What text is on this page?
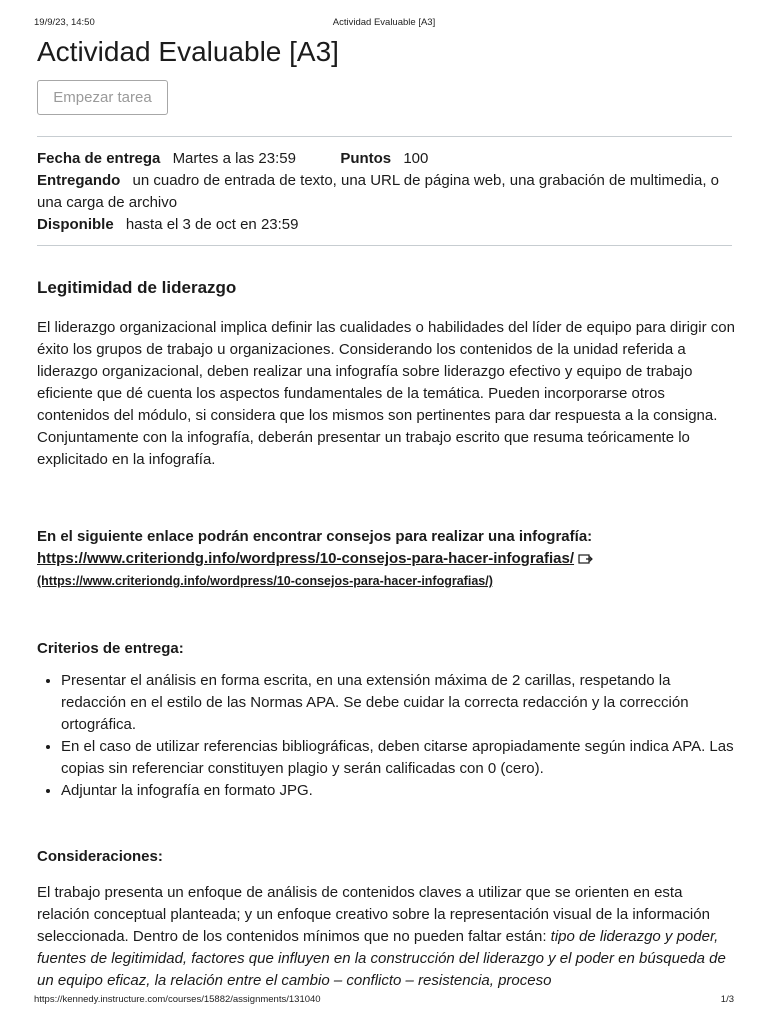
19/9/23, 14:50	Actividad Evaluable [A3]
Actividad Evaluable [A3]
Empezar tarea
Fecha de entrega Martes a las 23:59	Puntos 100
Entregando un cuadro de entrada de texto, una URL de página web, una grabación de multimedia, o una carga de archivo
Disponible hasta el 3 de oct en 23:59
Legitimidad de liderazgo

El liderazgo organizacional implica definir las cualidades o habilidades del líder de equipo para dirigir con éxito los grupos de trabajo u organizaciones. Considerando los contenidos de la unidad referida a liderazgo organizacional, deben realizar una infografía sobre liderazgo efectivo y equipo de trabajo eficiente que dé cuenta los aspectos fundamentales de la temática. Pueden incorporarse otros contenidos del módulo, si considera que los mismos son pertinentes para dar respuesta a la consigna. Conjuntamente con la infografía, deberán presentar un trabajo escrito que resuma teóricamente lo explicitado en la infografía.

En el siguiente enlace podrán encontrar consejos para realizar una infografía: https://www.criteriondg.info/wordpress/10-consejos-para-hacer-infografias/
(https://www.criteriondg.info/wordpress/10-consejos-para-hacer-infografias/)
Criterios de entrega:
• Presentar el análisis en forma escrita, en una extensión máxima de 2 carillas, respetando la redacción en el estilo de las Normas APA. Se debe cuidar la correcta redacción y la corrección ortográfica.
• En el caso de utilizar referencias bibliográficas, deben citarse apropiadamente según indica APA. Las copias sin referenciar constituyen plagio y serán calificadas con 0 (cero).
• Adjuntar la infografía en formato JPG.
Consideraciones:

El trabajo presenta un enfoque de análisis de contenidos claves a utilizar que se orienten en esta relación conceptual planteada; y un enfoque creativo sobre la representación visual de la información seleccionada. Dentro de los contenidos mínimos que no pueden faltar están: tipo de liderazgo y poder, fuentes de legitimidad, factores que influyen en la construcción del liderazgo y el poder en búsqueda de un equipo eficaz, la relación entre el cambio – conflicto – resistencia, proceso

https://kennedy.instructure.com/courses/15882/assignments/131040	1/3
